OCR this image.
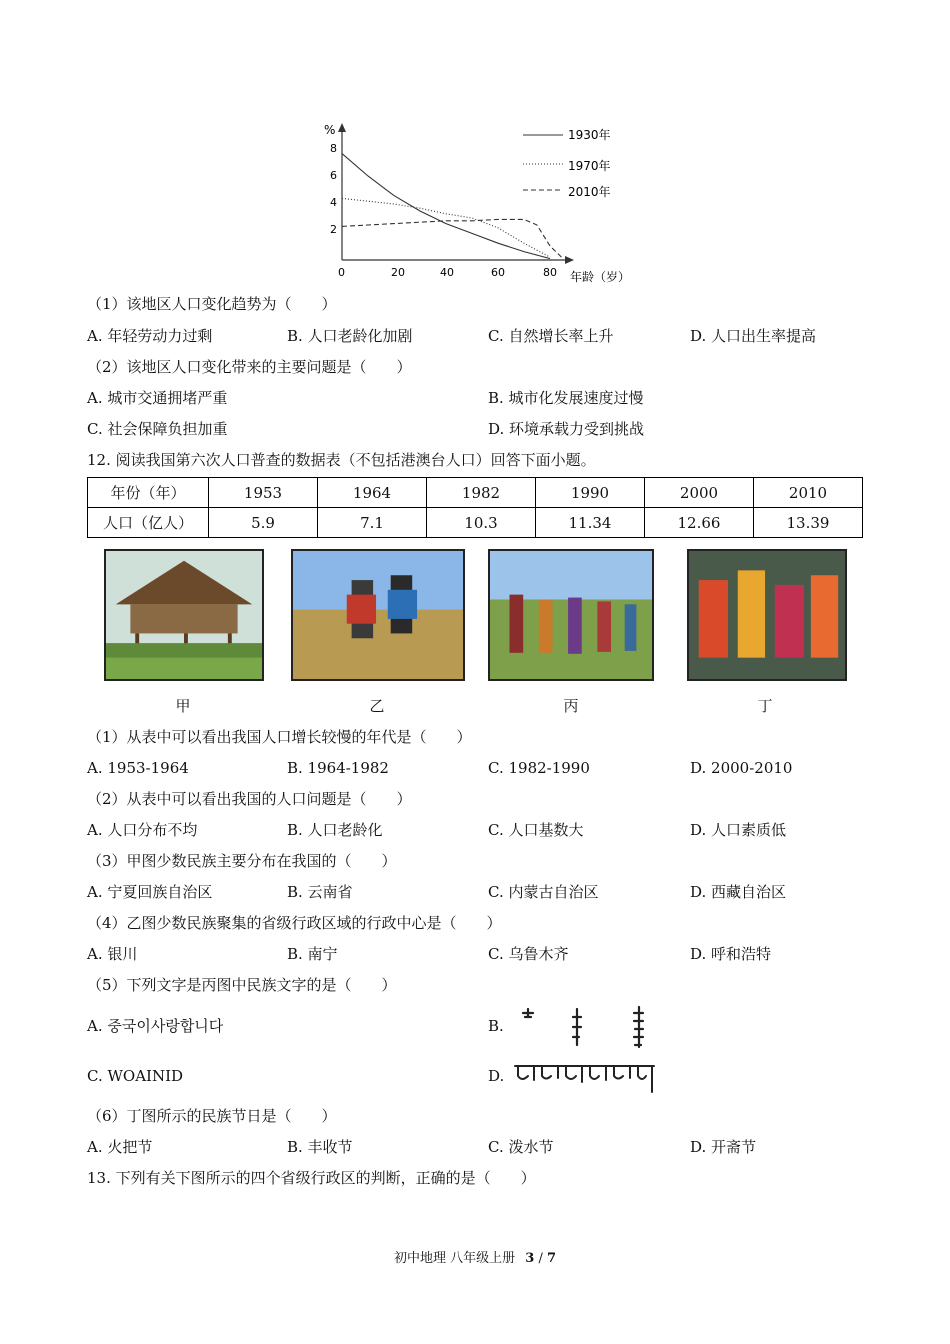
%
年龄（岁）
8
6
4
2
0	20	40	60	80
1930年
1970年
2010年
（1）该地区人口变化趋势为（　　）
A. 年轻劳动力过剩	B. 人口老龄化加剧	C. 自然增长率上升	D. 人口出生率提高
（2）该地区人口变化带来的主要问题是（　　）
A. 城市交通拥堵严重	B. 城市化发展速度过慢
C. 社会保障负担加重	D. 环境承载力受到挑战
12. 阅读我国第六次人口普查的数据表（不包括港澳台人口）回答下面小题。
年份（年）	1953	1964	1982	1990	2000	2010
人口（亿人）	5.9	7.1	10.3	11.34	12.66	13.39
甲	乙	丙	丁
（1）从表中可以看出我国人口增长较慢的年代是（　　）
A. 1953-1964	B. 1964-1982	C. 1982-1990	D. 2000-2010
（2）从表中可以看出我国的人口问题是（　　）
A. 人口分布不均	B. 人口老龄化	C. 人口基数大	D. 人口素质低
（3）甲图少数民族主要分布在我国的（　　）
A. 宁夏回族自治区	B. 云南省	C. 内蒙古自治区	D. 西藏自治区
（4）乙图少数民族聚集的省级行政区域的行政中心是（　　）
A. 银川	B. 南宁	C. 乌鲁木齐	D. 呼和浩特
（5）下列文字是丙图中民族文字的是（　　）
A. 중국이사랑합니다	B.
C. WOAINID	D.
（6）丁图所示的民族节日是（　　）
A. 火把节	B. 丰收节	C. 泼水节	D. 开斋节
13. 下列有关下图所示的四个省级行政区的判断，正确的是（　　）
初中地理 八年级上册 3 / 7
